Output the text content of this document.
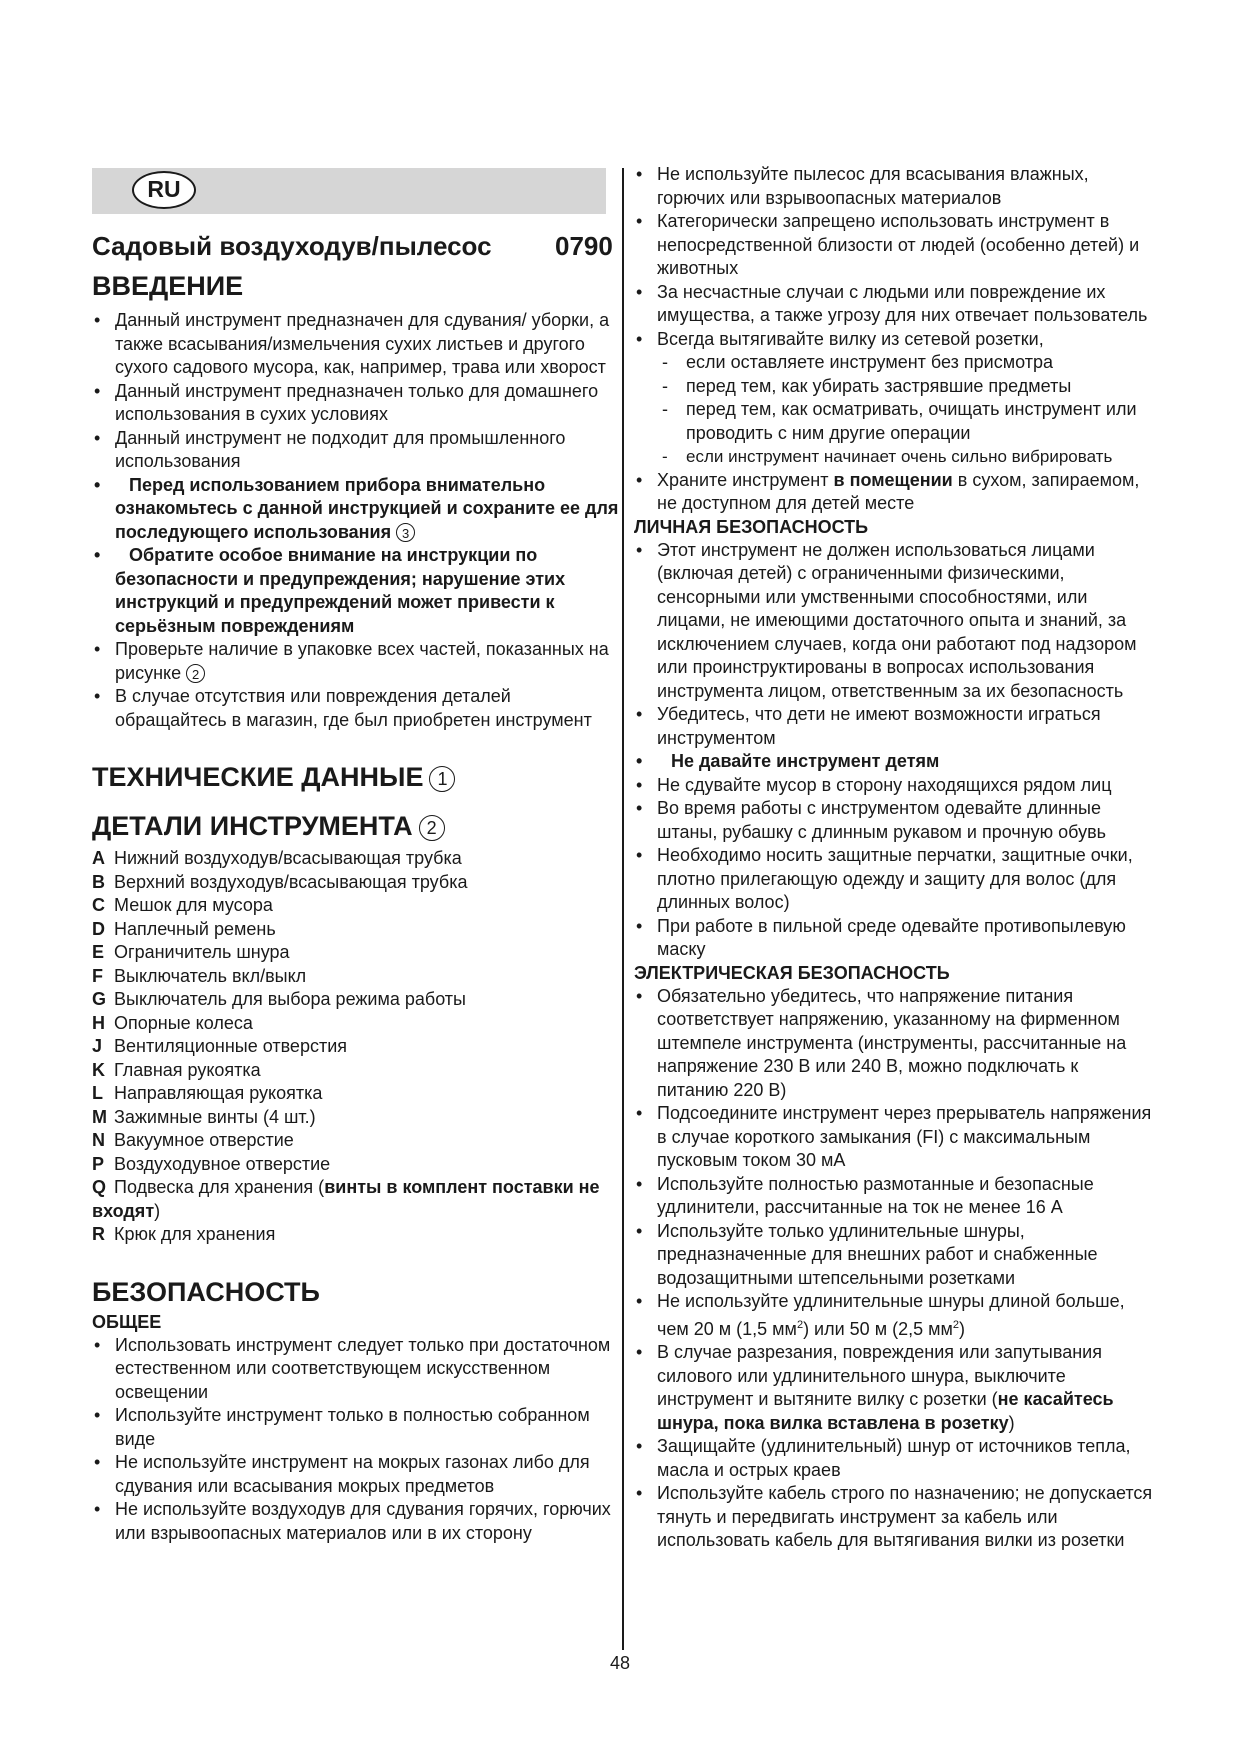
RU
Садовый воздуходув/пылесос 0790
ВВЕДЕНИЕ
• Данный инструмент предназначен для сдувания/ уборки, а также всасывания/измельчения сухих листьев и другого сухого садового мусора, как, например, трава или хворост
• Данный инструмент предназначен только для домашнего использования в сухих условиях
• Данный инструмент не подходит для промышленного использования
• Перед использованием прибора внимательно ознакомьтесь с данной инструкцией и сохраните ее для последующего использования 3
• Обратите особое внимание на инструкции по безопасности и предупреждения; нарушение этих инструкций и предупреждений может привести к серьёзным повреждениям
• Проверьте наличие в упаковке всех частей, показанных на рисунке 2
• В случае отсутствия или повреждения деталей обращайтесь в магазин, где был приобретен инструмент
ТЕХНИЧЕСКИЕ ДАННЫЕ 1
ДЕТАЛИ ИНСТРУМЕНТА 2
A Нижний воздуходув/всасывающая трубка
B Верхний воздуходув/всасывающая трубка
C Мешок для мусора
D Наплечный ремень
E Ограничитель шнура
F Выключатель вкл/выкл
G Выключатель для выбора режима работы
H Опорные колеса
J Вентиляционные отверстия
K Главная рукоятка
L Направляющая рукоятка
M Зажимные винты (4 шт.)
N Вакуумное отверстие
P Воздуходувное отверстие
Q Подвеска для хранения (винты в комплент поставки не входят)
R Крюк для хранения
БЕЗОПАСНОСТЬ
ОБЩЕЕ
• Использовать инструмент следует только при достаточном естественном или соответствующем искусственном освещении
• Используйте инструмент только в полностью собранном виде
• Не используйте инструмент на мокрых газонах либо для сдувания или всасывания мокрых предметов
• Не используйте воздуходув для сдувания горячих, горючих или взрывоопасных материалов или в их сторону
• Не используйте пылесос для всасывания влажных, горючих или взрывоопасных материалов
• Категорически запрещено использовать инструмент в непосредственной близости от людей (особенно детей) и животных
• За несчастные случаи с людьми или повреждение их имущества, а также угрозу для них отвечает пользователь
• Всегда вытягивайте вилку из сетевой розетки,
- если оставляете инструмент без присмотра
- перед тем, как убирать застрявшие предметы
- перед тем, как осматривать, очищать инструмент или проводить с ним другие операции
- если инструмент начинает очень сильно вибрировать
• Храните инструмент в помещении в сухом, запираемом, не доступном для детей месте
ЛИЧНАЯ БЕЗОПАСНОСТЬ
• Этот инструмент не должен использоваться лицами (включая детей) с ограниченными физическими, сенсорными или умственными способностями, или лицами, не имеющими достаточного опыта и знаний, за исключением случаев, когда они работают под надзором или проинструктированы в вопросах использования инструмента лицом, ответственным за их безопасность
• Убедитесь, что дети не имеют возможности играться инструментом
• Не давайте инструмент детям
• Не сдувайте мусор в сторону находящихся рядом лиц
• Во время работы с инструментом одевайте длинные штаны, рубашку с длинным рукавом и прочную обувь
• Необходимо носить защитные перчатки, защитные очки, плотно прилегающую одежду и защиту для волос (для длинных волос)
• При работе в пильной среде одевайте противопылевую маску
ЭЛЕКТРИЧЕСКАЯ БЕЗОПАСНОСТЬ
• Обязательно убедитесь, что напряжение питания соответствует напряжению, указанному на фирменном штемпеле инструмента (инструменты, рассчитанные на напряжение 230 В или 240 В, можно подключать к питанию 220 В)
• Подсоедините инструмент через прерыватель напряжения в случае короткого замыкания (FI) с максимальным пусковым током 30 мА
• Используйте полностью размотанные и безопасные удлинители, рассчитанные на ток не менее 16 А
• Используйте только удлинительные шнуры, предназначенные для внешних работ и снабженные водозащитными штепсельными розетками
• Не используйте удлинительные шнуры длиной больше, чем 20 м (1,5 $мм^2$) или 50 м (2,5 $мм^2$)
• В случае разрезания, повреждения или запутывания силового или удлинительного шнура, выключите инструмент и вытяните вилку с розетки (не касайтесь шнура, пока вилка вставлена в розетку)
• Защищайте (удлинительный) шнур от источников тепла, масла и острых краев
• Используйте кабель строго по назначению; не допускается тянуть и передвигать инструмент за кабель или использовать кабель для вытягивания вилки из розетки
48
